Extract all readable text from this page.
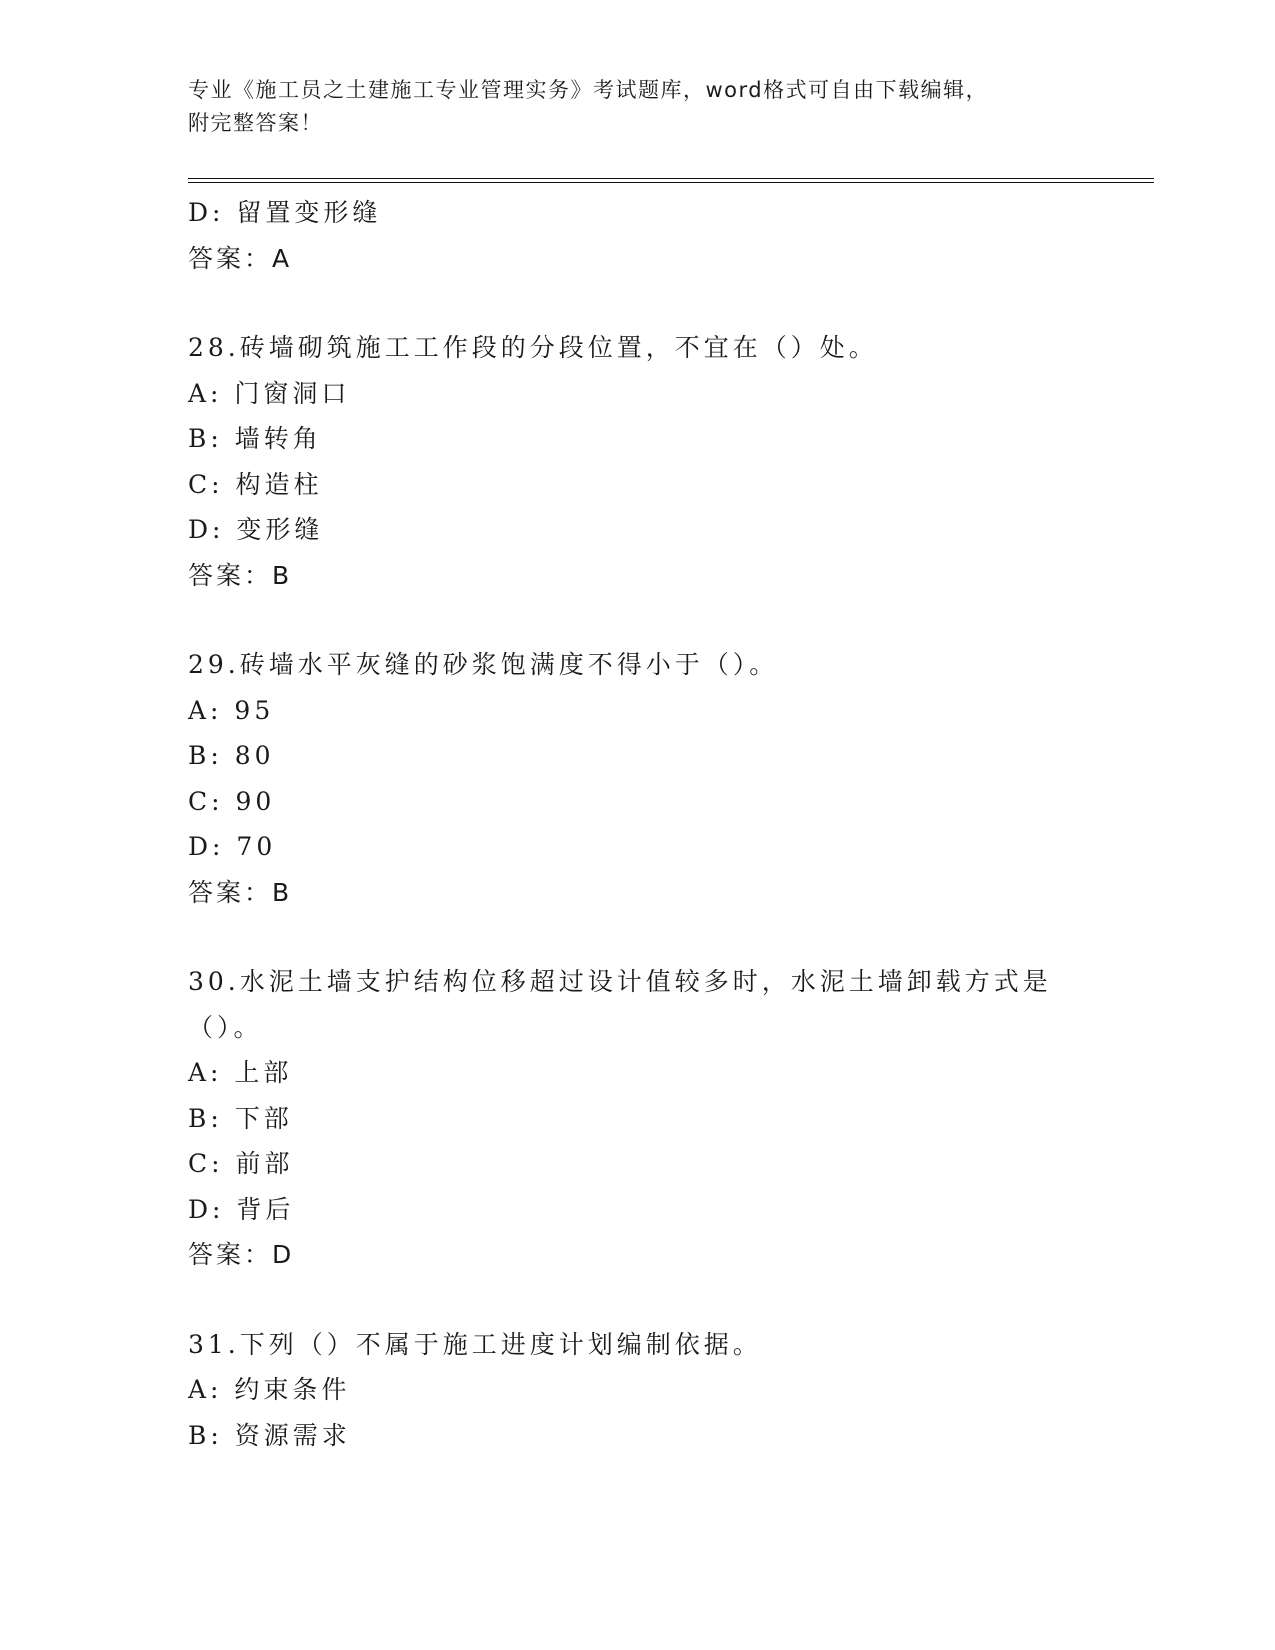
专业《施工员之土建施工专业管理实务》考试题库，word格式可自由下载编辑，
附完整答案！
D: 留置变形缝
答案：A
28.砖墙砌筑施工工作段的分段位置，不宜在（）处。
A: 门窗洞口
B: 墙转角
C: 构造柱
D: 变形缝
答案：B
29.砖墙水平灰缝的砂浆饱满度不得小于（）。
A: 95
B: 80
C: 90
D: 70
答案：B
30.水泥土墙支护结构位移超过设计值较多时，水泥土墙卸载方式是（）。
A: 上部
B: 下部
C: 前部
D: 背后
答案：D
31.下列（）不属于施工进度计划编制依据。
A: 约束条件
B: 资源需求
